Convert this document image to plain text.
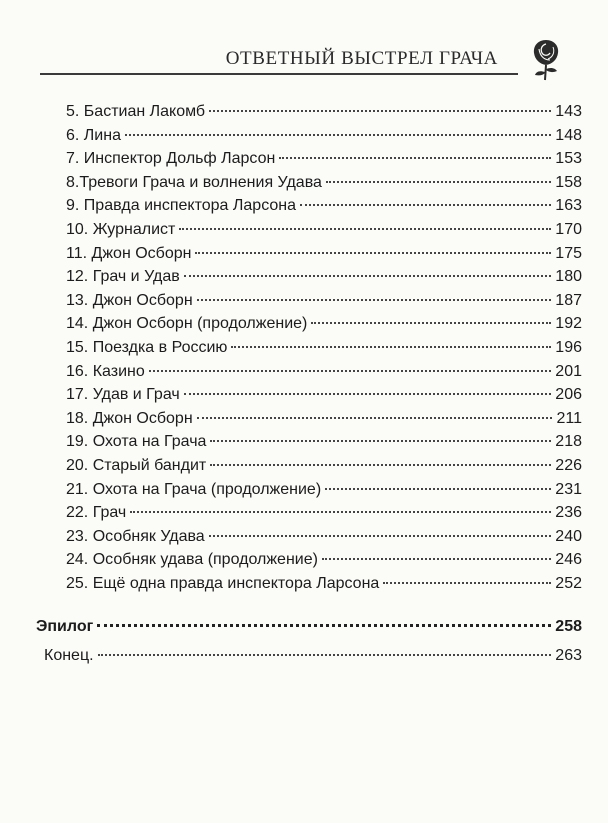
ОТВЕТНЫЙ ВЫСТРЕЛ ГРАЧА
5. Бастиан Лакомб	143
6. Лина	148
7. Инспектор Дольф Ларсон	153
8.Тревоги Грача и волнения Удава	158
9. Правда инспектора Ларсона	163
10. Журналист	170
11. Джон Осборн	175
12. Грач и Удав	180
13. Джон Осборн	187
14. Джон Осборн (продолжение)	192
15. Поездка в Россию	196
16. Казино	201
17. Удав и Грач	206
18. Джон Осборн	211
19. Охота на Грача	218
20. Старый бандит	226
21. Охота на Грача (продолжение)	231
22. Грач	236
23. Особняк Удава	240
24. Особняк удава (продолжение)	246
25. Ещё одна правда инспектора Ларсона	252
Эпилог	258
Конец.	263
